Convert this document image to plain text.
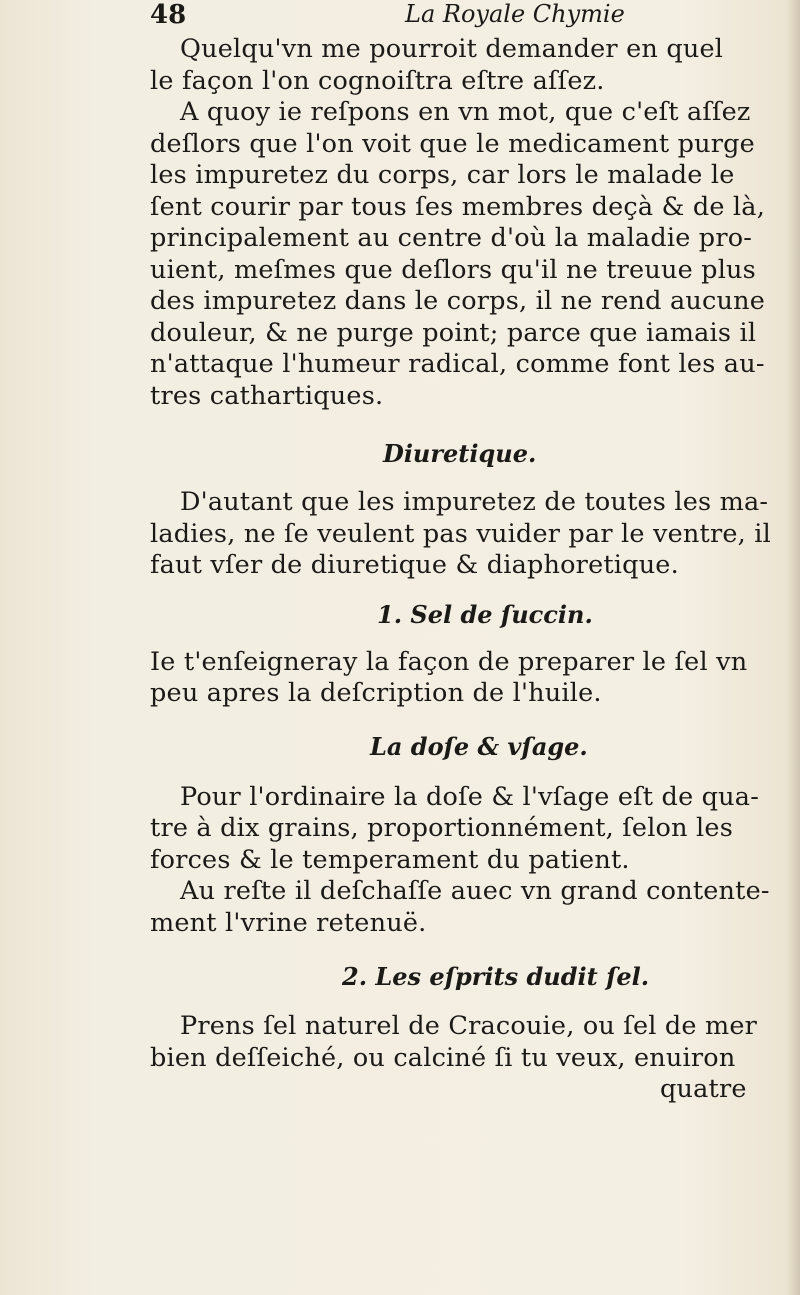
48	La Royale Chymie
Quelqu'vn me pourroit demander en quel
le façon l'on cognoiſtra eſtre aſſez.
A quoy ie reſpons en vn mot, que c'eſt aſſez
deſlors que l'on voit que le medicament purge
les impuretez du corps, car lors le malade le
ſent courir par tous ſes membres deçà & de là,
principalement au centre d'où la maladie pro-
uient, meſmes que deſlors qu'il ne treuue plus
des impuretez dans le corps, il ne rend aucune
douleur, & ne purge point; parce que iamais il
n'attaque l'humeur radical, comme font les au-
tres cathartiques.
Diuretique.
D'autant que les impuretez de toutes les ma-
ladies, ne ſe veulent pas vuider par le ventre, il
faut vſer de diuretique & diaphoretique.
1. Sel de ſuccin.
Ie t'enſeigneray la façon de preparer le ſel vn
peu apres la deſcription de l'huile.
La doſe & vſage.
Pour l'ordinaire la doſe & l'vſage eſt de qua-
tre à dix grains, proportionnément, ſelon les
forces & le temperament du patient.
Au reſte il deſchaſſe auec vn grand contente-
ment l'vrine retenuë.
2. Les eſprits dudit ſel.
Prens ſel naturel de Cracouie, ou ſel de mer
bien deſſeiché, ou calciné ſi tu veux, enuiron
quatre
